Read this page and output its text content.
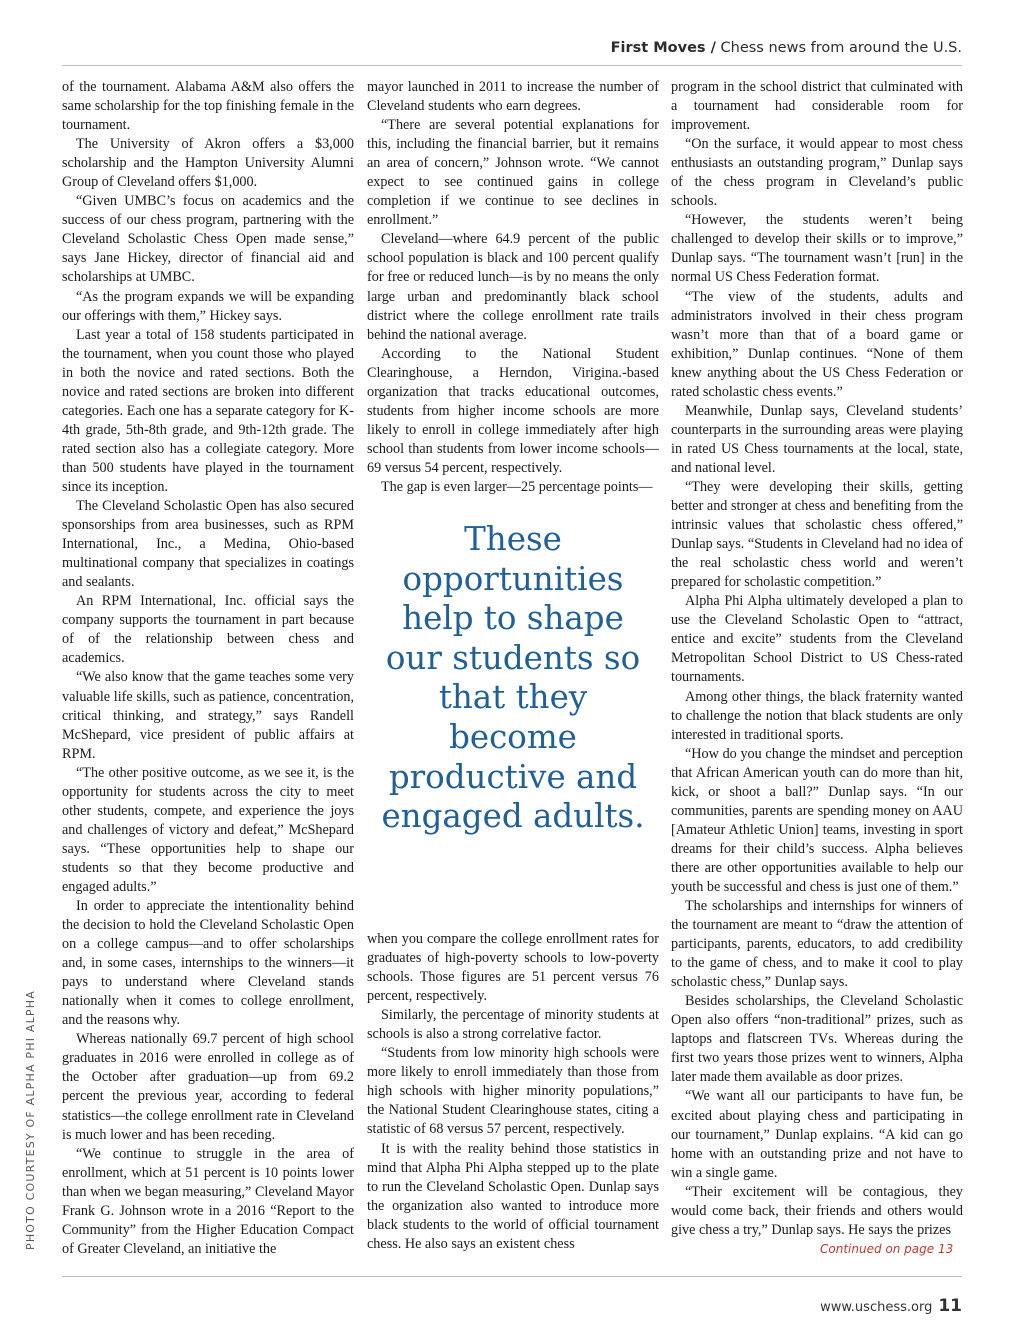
First Moves / Chess news from around the U.S.

of the tournament. Alabama A&M also offers the same scholarship for the top finishing female in the tournament.

The University of Akron offers a $3,000 scholarship and the Hampton University Alumni Group of Cleveland offers $1,000.

“Given UMBC’s focus on academics and the success of our chess program, partnering with the Cleveland Scholastic Chess Open made sense,” says Jane Hickey, director of financial aid and scholarships at UMBC.

“As the program expands we will be expanding our offerings with them,” Hickey says.

Last year a total of 158 students participated in the tournament, when you count those who played in both the novice and rated sections. Both the novice and rated sections are broken into different categories. Each one has a separate category for K-4th grade, 5th-8th grade, and 9th-12th grade. The rated section also has a collegiate category. More than 500 students have played in the tournament since its inception.

The Cleveland Scholastic Open has also secured sponsorships from area businesses, such as RPM International, Inc., a Medina, Ohio-based multinational company that specializes in coatings and sealants.

An RPM International, Inc. official says the company supports the tournament in part because of of the relationship between chess and academics.

“We also know that the game teaches some very valuable life skills, such as patience, concentration, critical thinking, and strategy,” says Randell McShepard, vice president of public affairs at RPM.

“The other positive outcome, as we see it, is the opportunity for students across the city to meet other students, compete, and experience the joys and challenges of victory and defeat,” McShepard says. “These opportunities help to shape our students so that they become productive and engaged adults.”

In order to appreciate the intentionality behind the decision to hold the Cleveland Scholastic Open on a college campus—and to offer scholarships and, in some cases, internships to the winners—it pays to understand where Cleveland stands nationally when it comes to college enrollment, and the reasons why.

Whereas nationally 69.7 percent of high school graduates in 2016 were enrolled in college as of the October after graduation—up from 69.2 percent the previous year, according to federal statistics—the college enrollment rate in Cleveland is much lower and has been receding.

“We continue to struggle in the area of enrollment, which at 51 percent is 10 points lower than when we began measuring,” Cleveland Mayor Frank G. Johnson wrote in a 2016 “Report to the Community” from the Higher Education Compact of Greater Cleveland, an initiative the

mayor launched in 2011 to increase the number of Cleveland students who earn degrees.

“There are several potential explanations for this, including the financial barrier, but it remains an area of concern,” Johnson wrote. “We cannot expect to see continued gains in college completion if we continue to see declines in enrollment.”

Cleveland—where 64.9 percent of the public school population is black and 100 percent qualify for free or reduced lunch—is by no means the only large urban and predominantly black school district where the college enrollment rate trails behind the national average.

According to the National Student Clearinghouse, a Herndon, Virigina.-based organization that tracks educational outcomes, students from higher income schools are more likely to enroll in college immediately after high school than students from lower income schools—69 versus 54 percent, respectively.

The gap is even larger—25 percentage points—

These opportunities help to shape our students so that they become productive and engaged adults.

when you compare the college enrollment rates for graduates of high-poverty schools to low-poverty schools. Those figures are 51 percent versus 76 percent, respectively.

Similarly, the percentage of minority students at schools is also a strong correlative factor.

“Students from low minority high schools were more likely to enroll immediately than those from high schools with higher minority populations,” the National Student Clearinghouse states, citing a statistic of 68 versus 57 percent, respectively.

It is with the reality behind those statistics in mind that Alpha Phi Alpha stepped up to the plate to run the Cleveland Scholastic Open. Dunlap says the organization also wanted to introduce more black students to the world of official tournament chess. He also says an existent chess

program in the school district that culminated with a tournament had considerable room for improvement.

“On the surface, it would appear to most chess enthusiasts an outstanding program,” Dunlap says of the chess program in Cleveland’s public schools.

“However, the students weren’t being challenged to develop their skills or to improve,” Dunlap says. “The tournament wasn’t [run] in the normal US Chess Federation format.

“The view of the students, adults and administrators involved in their chess program wasn’t more than that of a board game or exhibition,” Dunlap continues. “None of them knew anything about the US Chess Federation or rated scholastic chess events.”

Meanwhile, Dunlap says, Cleveland students’ counterparts in the surrounding areas were playing in rated US Chess tournaments at the local, state, and national level.

“They were developing their skills, getting better and stronger at chess and benefiting from the intrinsic values that scholastic chess offered,” Dunlap says. “Students in Cleveland had no idea of the real scholastic chess world and weren’t prepared for scholastic competition.”

Alpha Phi Alpha ultimately developed a plan to use the Cleveland Scholastic Open to “attract, entice and excite” students from the Cleveland Metropolitan School District to US Chess-rated tournaments.

Among other things, the black fraternity wanted to challenge the notion that black students are only interested in traditional sports.

“How do you change the mindset and perception that African American youth can do more than hit, kick, or shoot a ball?” Dunlap says. “In our communities, parents are spending money on AAU [Amateur Athletic Union] teams, investing in sport dreams for their child’s success. Alpha believes there are other opportunities available to help our youth be successful and chess is just one of them.”

The scholarships and internships for winners of the tournament are meant to “draw the attention of participants, parents, educators, to add credibility to the game of chess, and to make it cool to play scholastic chess,” Dunlap says.

Besides scholarships, the Cleveland Scholastic Open also offers “non-traditional” prizes, such as laptops and flatscreen TVs. Whereas during the first two years those prizes went to winners, Alpha later made them available as door prizes.

“We want all our participants to have fun, be excited about playing chess and participating in our tournament,” Dunlap explains. “A kid can go home with an outstanding prize and not have to win a single game.

“Their excitement will be contagious, they would come back, their friends and others would give chess a try,” Dunlap says. He says the prizes

Continued on page 13
PHOTO COURTESY OF ALPHA PHI ALPHA
www.uschess.org 11
